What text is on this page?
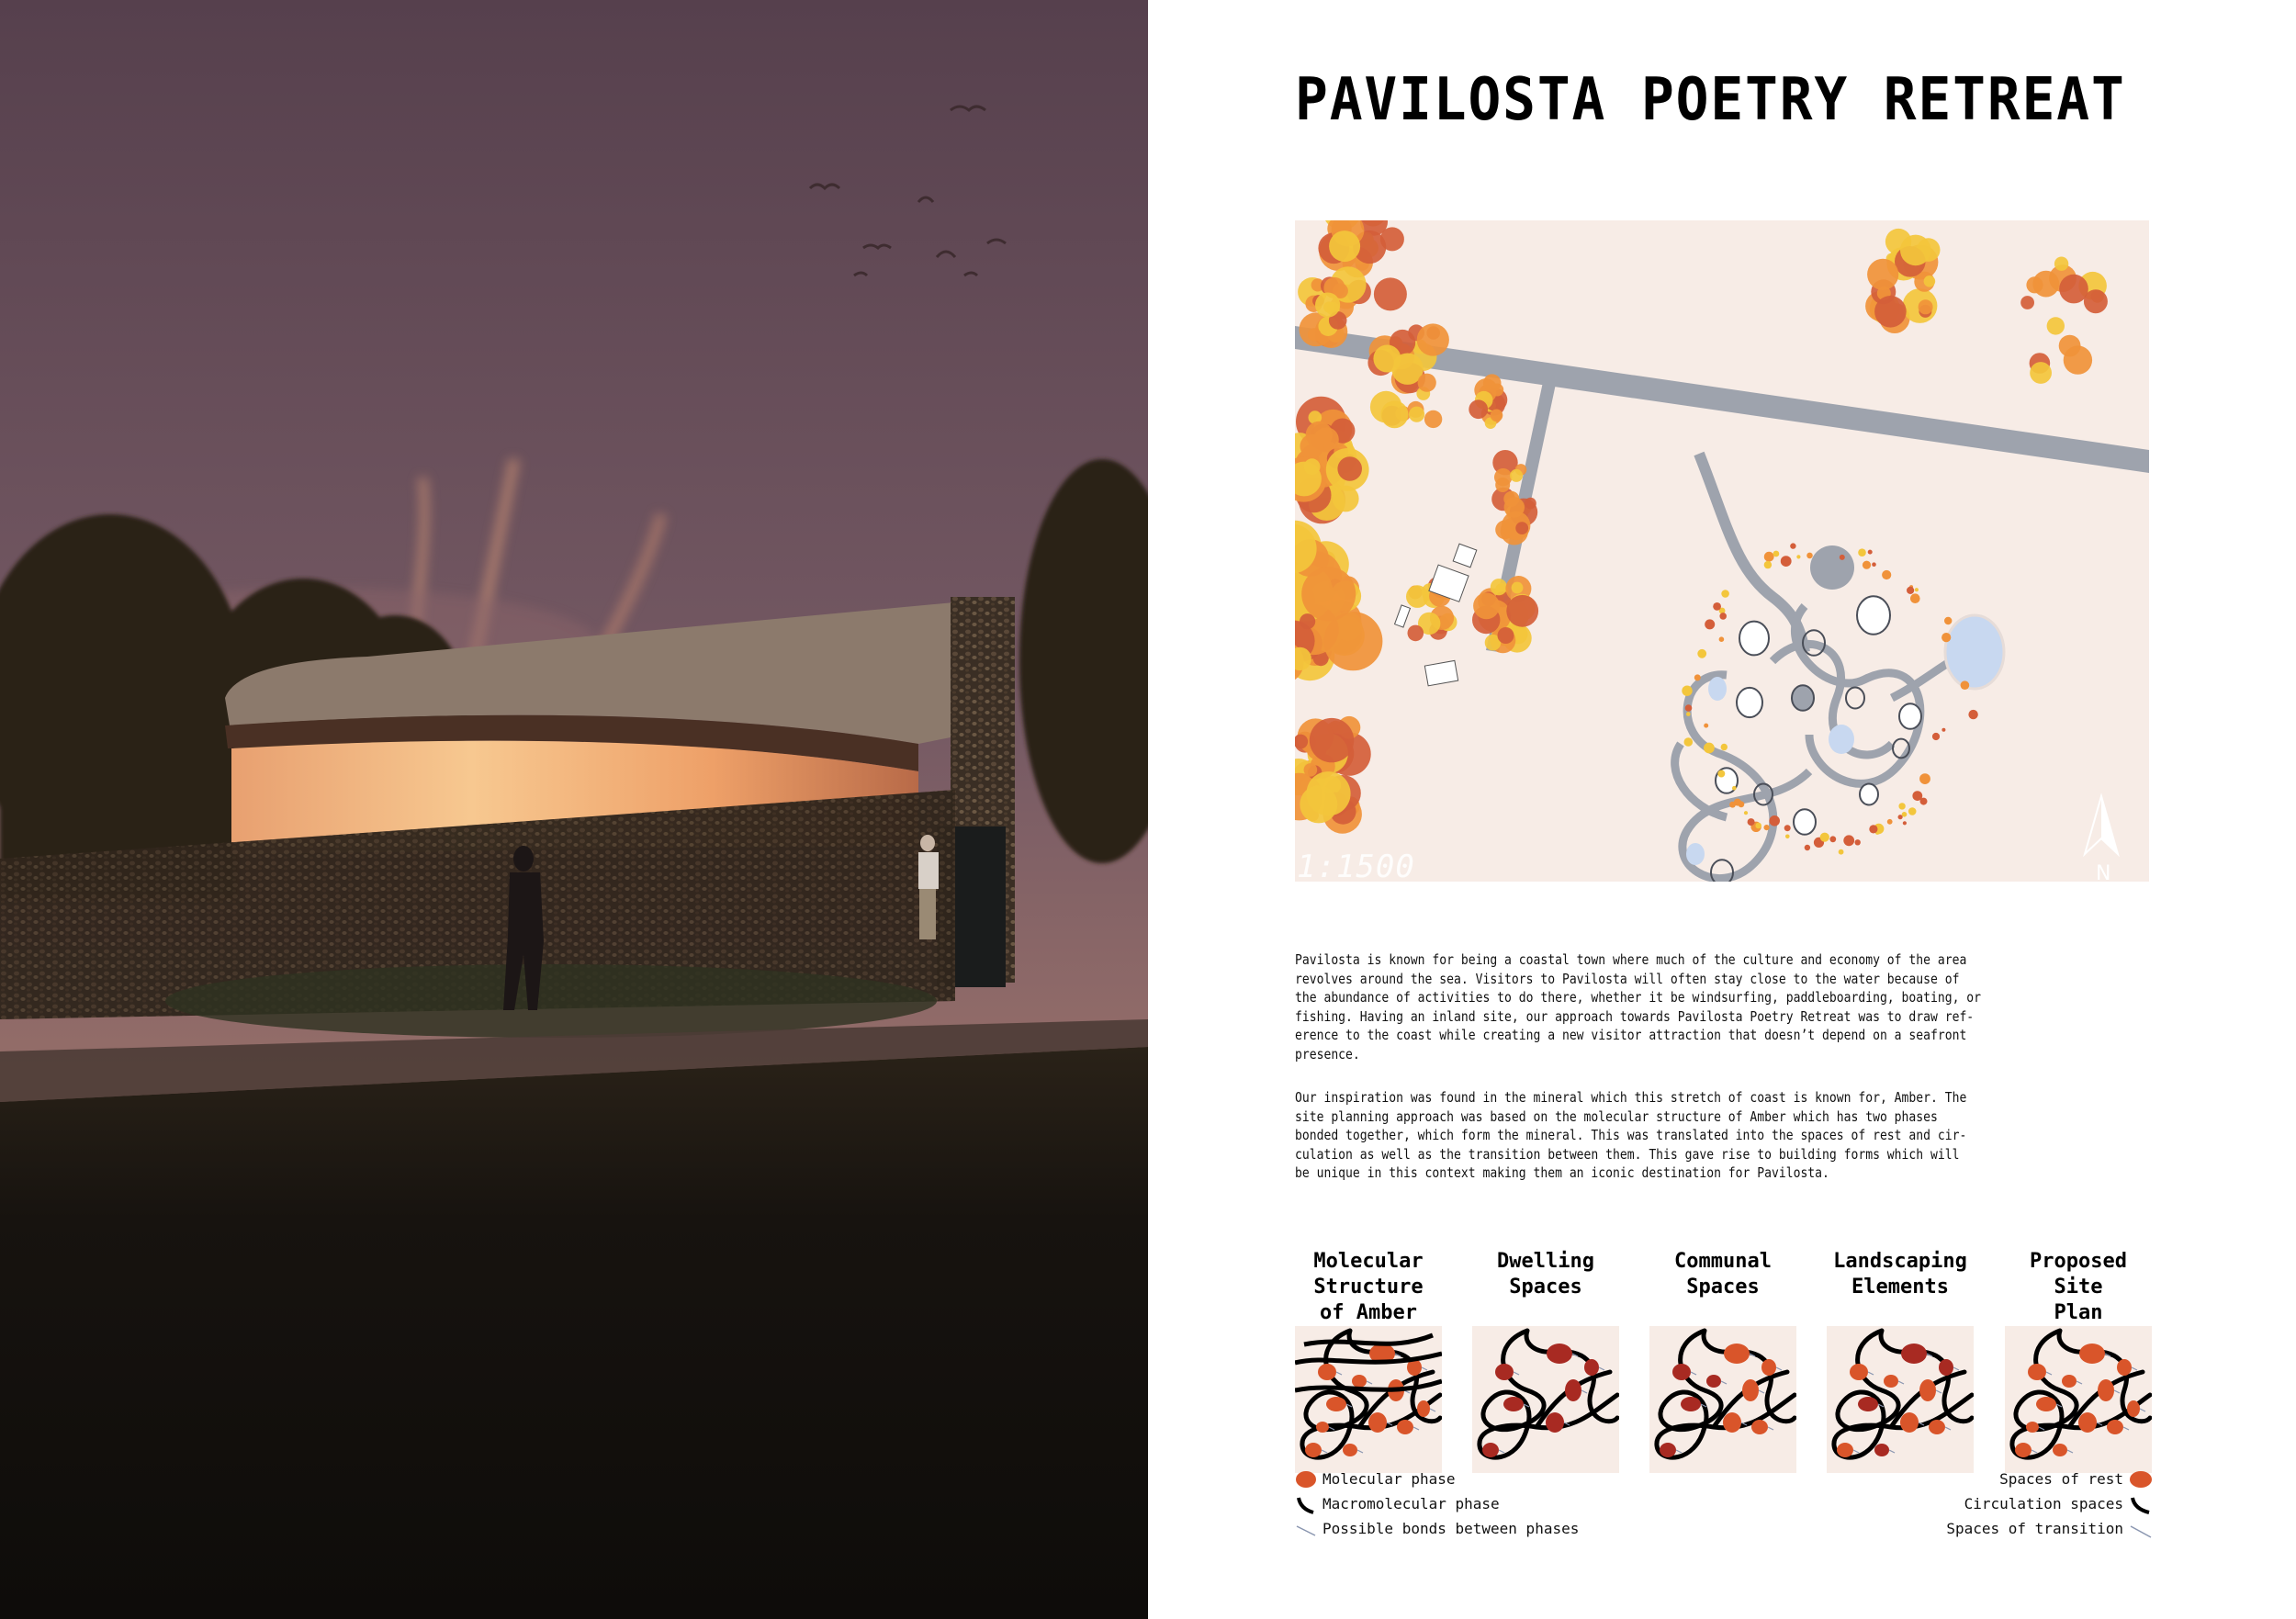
PAVILOSTA POETRY RETREAT
N
1:1500
Pavilosta is known for being a coastal town where much of the culture and economy of the area
revolves around the sea. Visitors to Pavilosta will often stay close to the water because of
the abundance of activities to do there, whether it be windsurfing, paddleboarding, boating, or
fishing. Having an inland site, our approach towards Pavilosta Poetry Retreat was to draw ref-
erence to the coast while creating a new visitor attraction that doesn’t depend on a seafront
presence.
Our inspiration was found in the mineral which this stretch of coast is known for, Amber. The
site planning approach was based on the molecular structure of Amber which has two phases
bonded together, which form the mineral. This was translated into the spaces of rest and cir-
culation as well as the transition between them. This gave rise to building forms which will
be unique in this context making them an iconic destination for Pavilosta.
Molecular
Structure
of Amber
Dwelling
Spaces
Communal
Spaces
Landscaping
Elements
Proposed
Site
Plan
Molecular phase
Macromolecular phase
Possible bonds between phases
Spaces of rest
Circulation spaces
Spaces of transition
